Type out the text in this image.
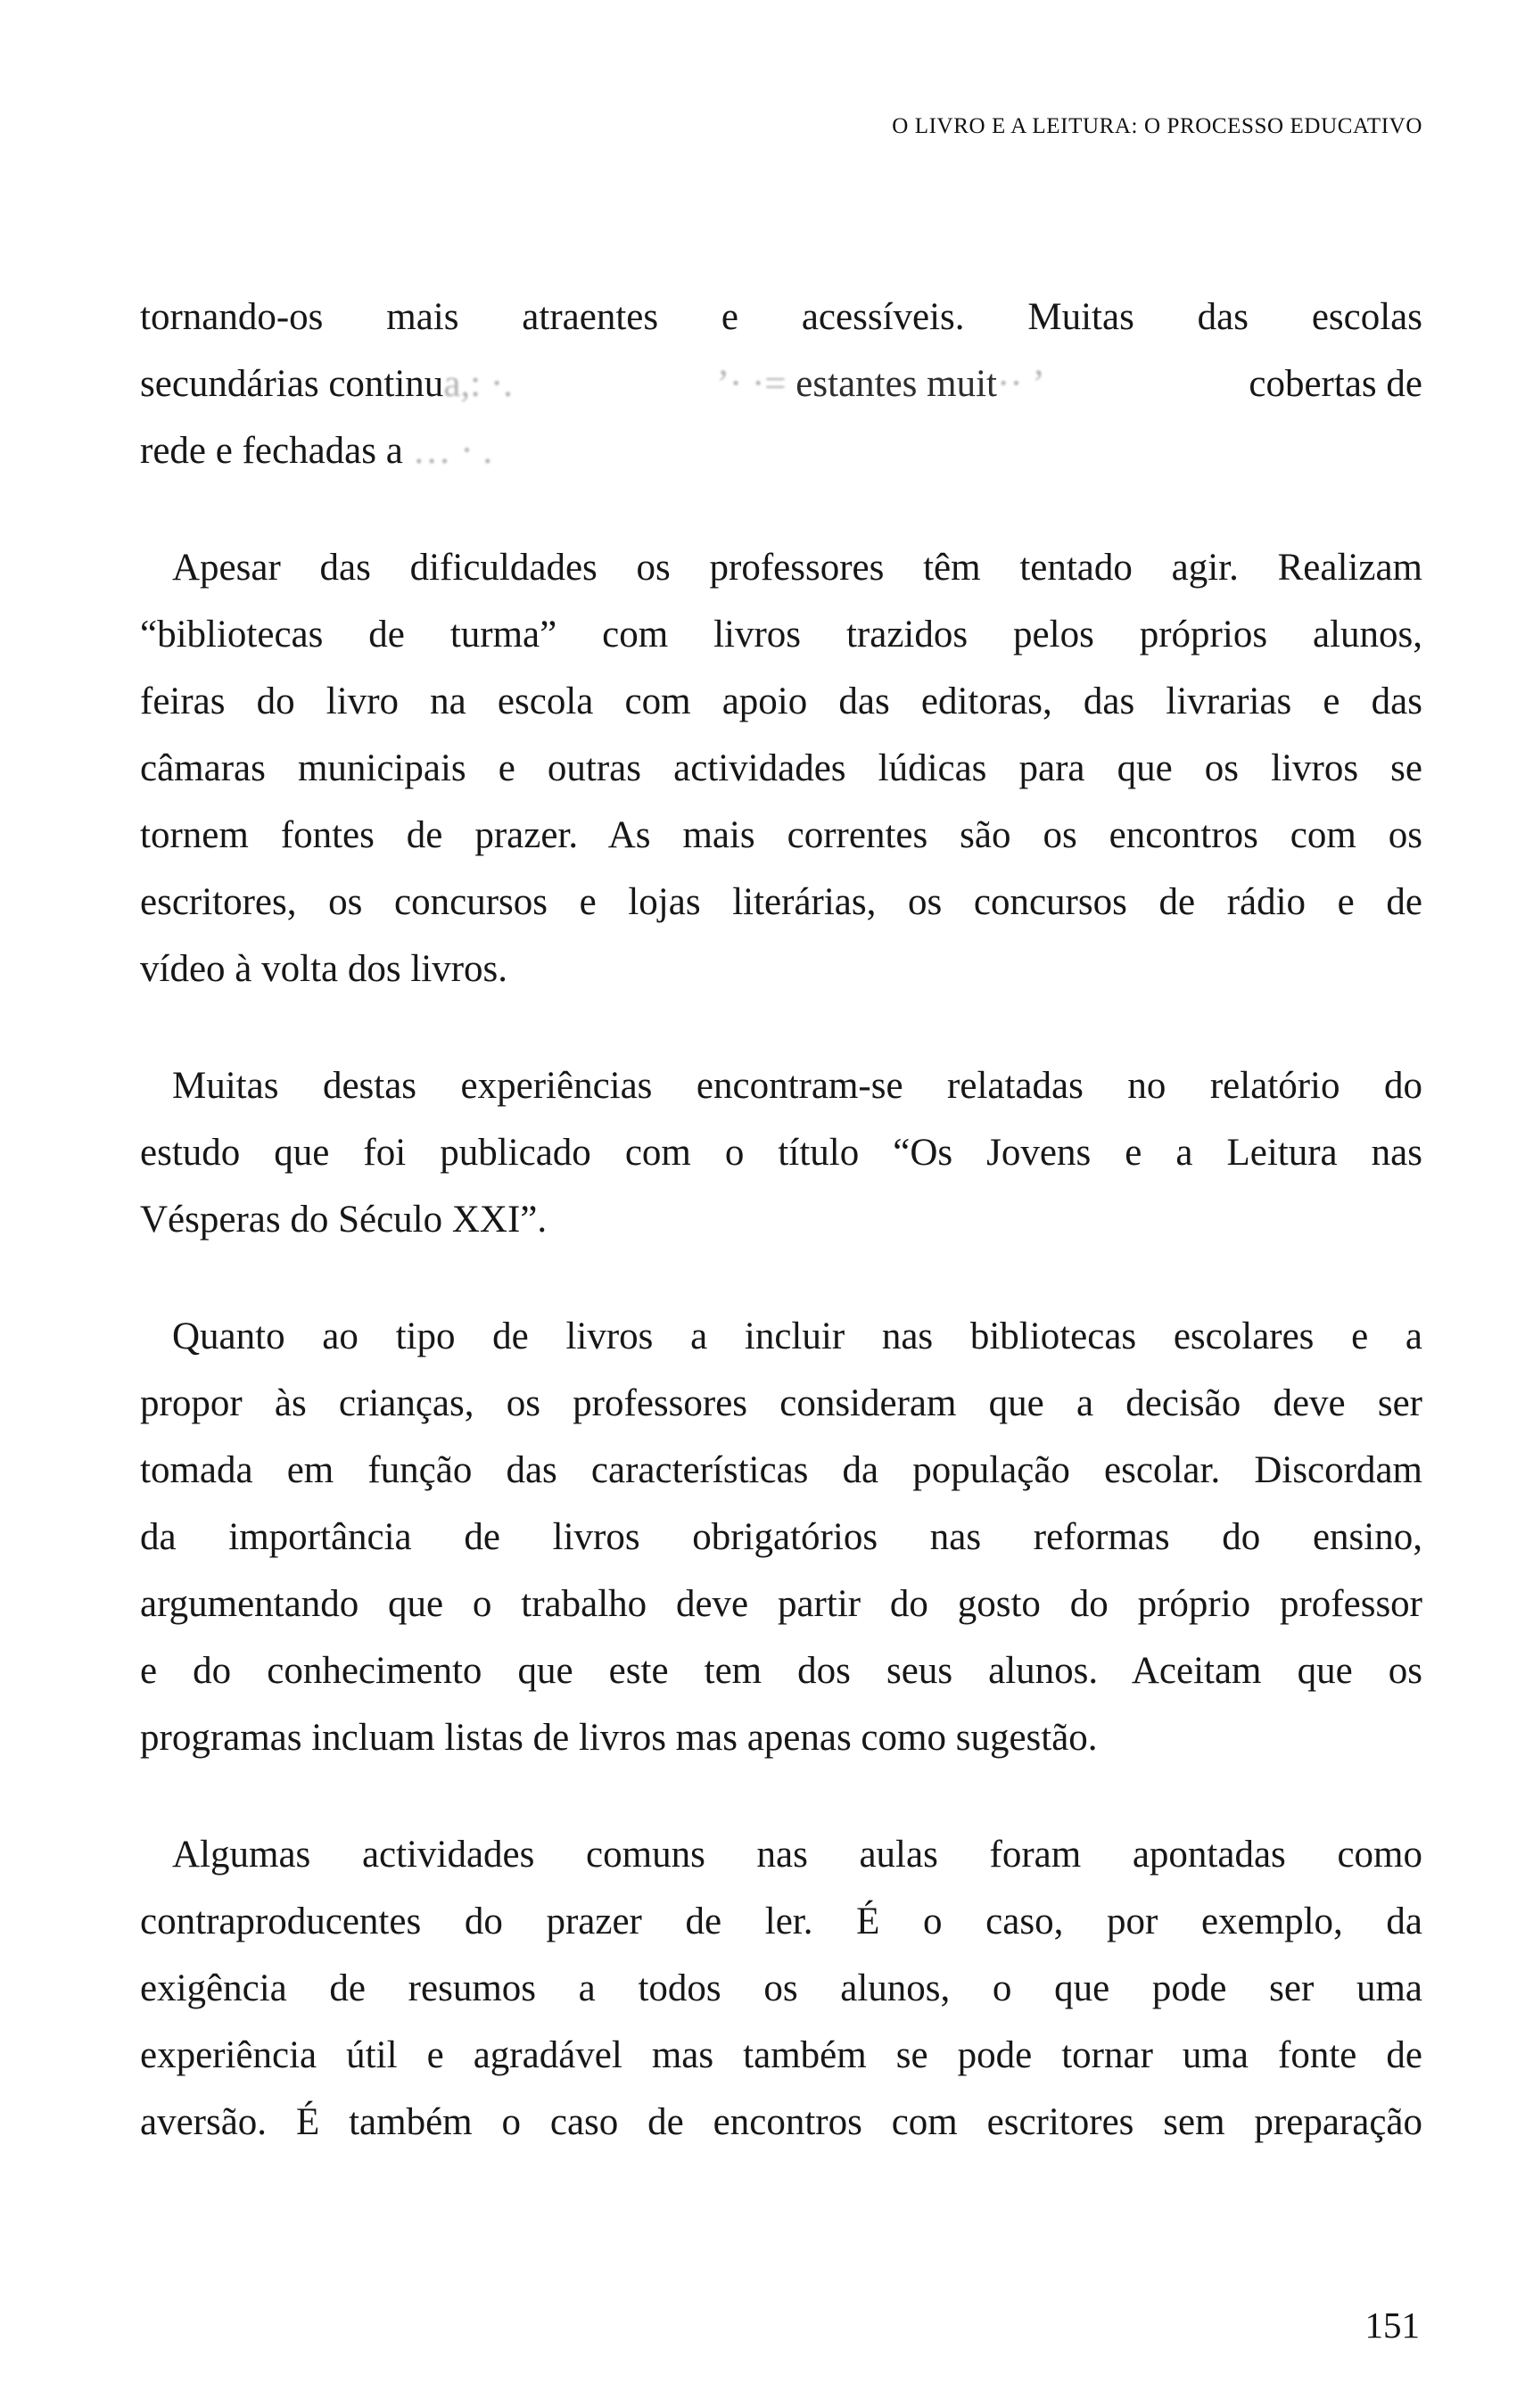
O LIVRO E A LEITURA: O PROCESSO EDUCATIVO
tornando-os mais atraentes e acessíveis. Muitas das escolas
secundárias continua,: ·.	’· ·= estantes muit·· ’	cobertas de
rede e fechadas a … · .
Apesar das dificuldades os professores têm tentado agir. Realizam
“bibliotecas de turma” com livros trazidos pelos próprios alunos,
feiras do livro na escola com apoio das editoras, das livrarias e das
câmaras municipais e outras actividades lúdicas para que os livros se
tornem fontes de prazer. As mais correntes são os encontros com os
escritores, os concursos e lojas literárias, os concursos de rádio e de
vídeo à volta dos livros.
Muitas destas experiências encontram-se relatadas no relatório do
estudo que foi publicado com o título “Os Jovens e a Leitura nas
Vésperas do Século XXI”.
Quanto ao tipo de livros a incluir nas bibliotecas escolares e a
propor às crianças, os professores consideram que a decisão deve ser
tomada em função das características da população escolar. Discordam
da importância de livros obrigatórios nas reformas do ensino,
argumentando que o trabalho deve partir do gosto do próprio professor
e do conhecimento que este tem dos seus alunos. Aceitam que os
programas incluam listas de livros mas apenas como sugestão.
Algumas actividades comuns nas aulas foram apontadas como
contraproducentes do prazer de ler. É o caso, por exemplo, da
exigência de resumos a todos os alunos, o que pode ser uma
experiência útil e agradável mas também se pode tornar uma fonte de
aversão. É também o caso de encontros com escritores sem preparação
151
